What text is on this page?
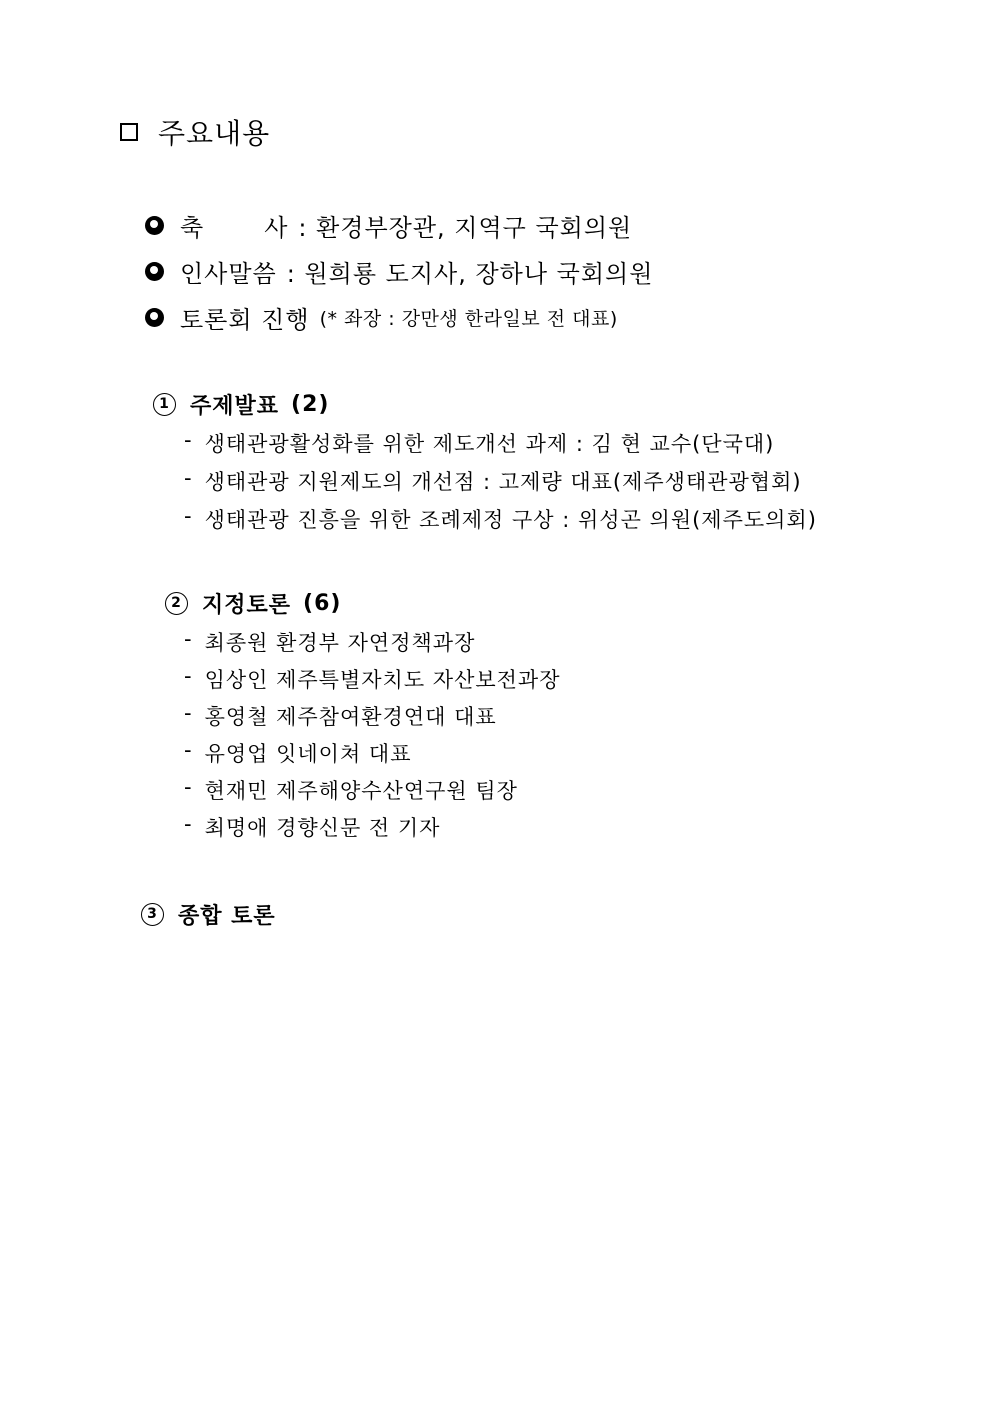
주요내용
축	사 : 환경부장관, 지역구 국회의원
인사말씀 : 원희룡 도지사, 장하나 국회의원
토론회 진행 (* 좌장 : 강만생 한라일보 전 대표)
1 주제발표 (2)
- 생태관광활성화를 위한 제도개선 과제 : 김 현 교수(단국대)
- 생태관광 지원제도의 개선점 : 고제량 대표(제주생태관광협회)
- 생태관광 진흥을 위한 조례제정 구상 : 위성곤 의원(제주도의회)
2 지정토론 (6)
- 최종원 환경부 자연정책과장
- 임상인 제주특별자치도 자산보전과장
- 홍영철 제주참여환경연대 대표
- 유영업 잇네이쳐 대표
- 현재민 제주해양수산연구원 팀장
- 최명애 경향신문 전 기자
3 종합 토론
